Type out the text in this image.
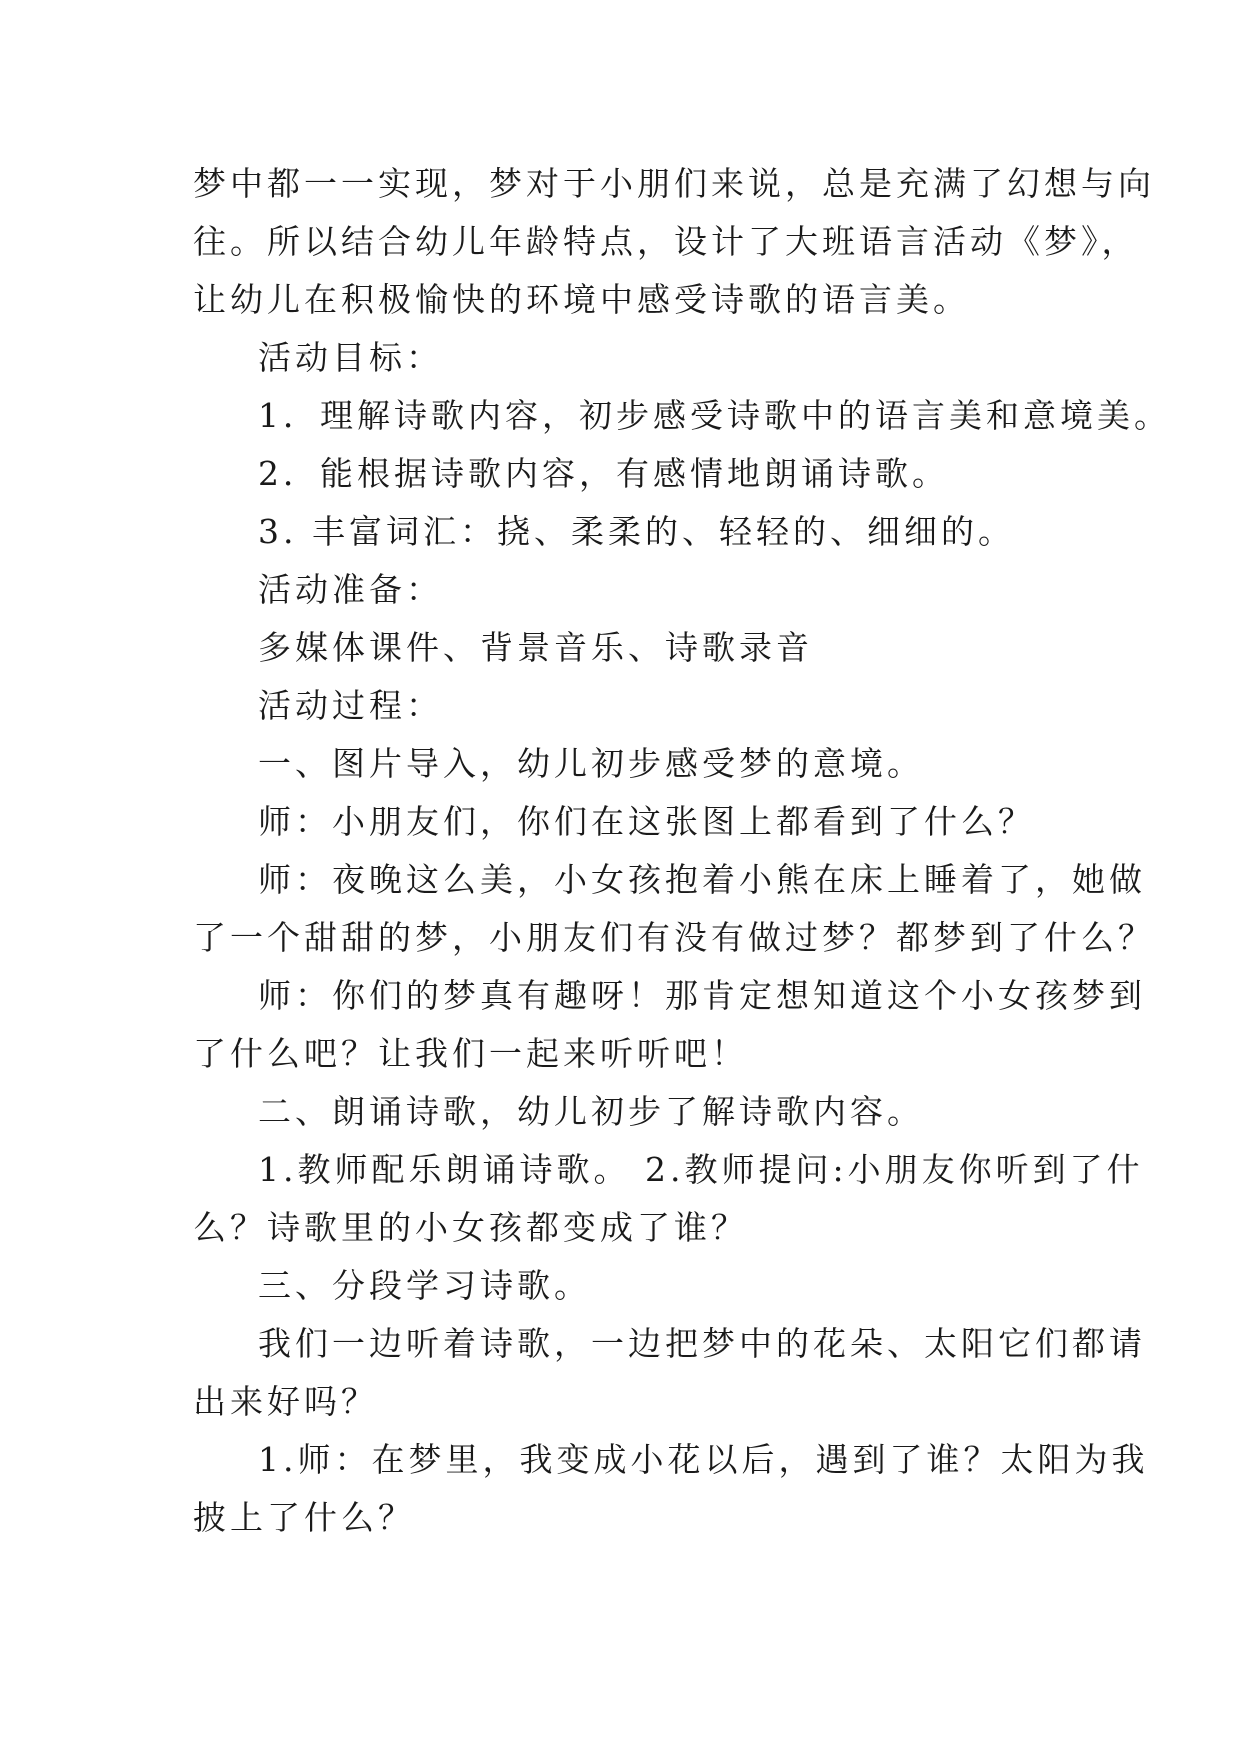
梦中都一一实现，梦对于小朋们来说，总是充满了幻想与向

往。所以结合幼儿年龄特点，设计了大班语言活动《梦》，

让幼儿在积极愉快的环境中感受诗歌的语言美。

活动目标：

1．理解诗歌内容，初步感受诗歌中的语言美和意境美。

2．能根据诗歌内容，有感情地朗诵诗歌。

3. 丰富词汇：挠、柔柔的、轻轻的、细细的。

活动准备：

多媒体课件、背景音乐、诗歌录音

活动过程：

一、图片导入，幼儿初步感受梦的意境。

师：小朋友们，你们在这张图上都看到了什么？

师：夜晚这么美，小女孩抱着小熊在床上睡着了，她做

了一个甜甜的梦，小朋友们有没有做过梦？都梦到了什么？

师：你们的梦真有趣呀！那肯定想知道这个小女孩梦到

了什么吧？让我们一起来听听吧！

二、朗诵诗歌，幼儿初步了解诗歌内容。

1.教师配乐朗诵诗歌。 2.教师提问:小朋友你听到了什

么？诗歌里的小女孩都变成了谁？

三、分段学习诗歌。

我们一边听着诗歌，一边把梦中的花朵、太阳它们都请

出来好吗？

1.师：在梦里，我变成小花以后，遇到了谁？太阳为我

披上了什么？
